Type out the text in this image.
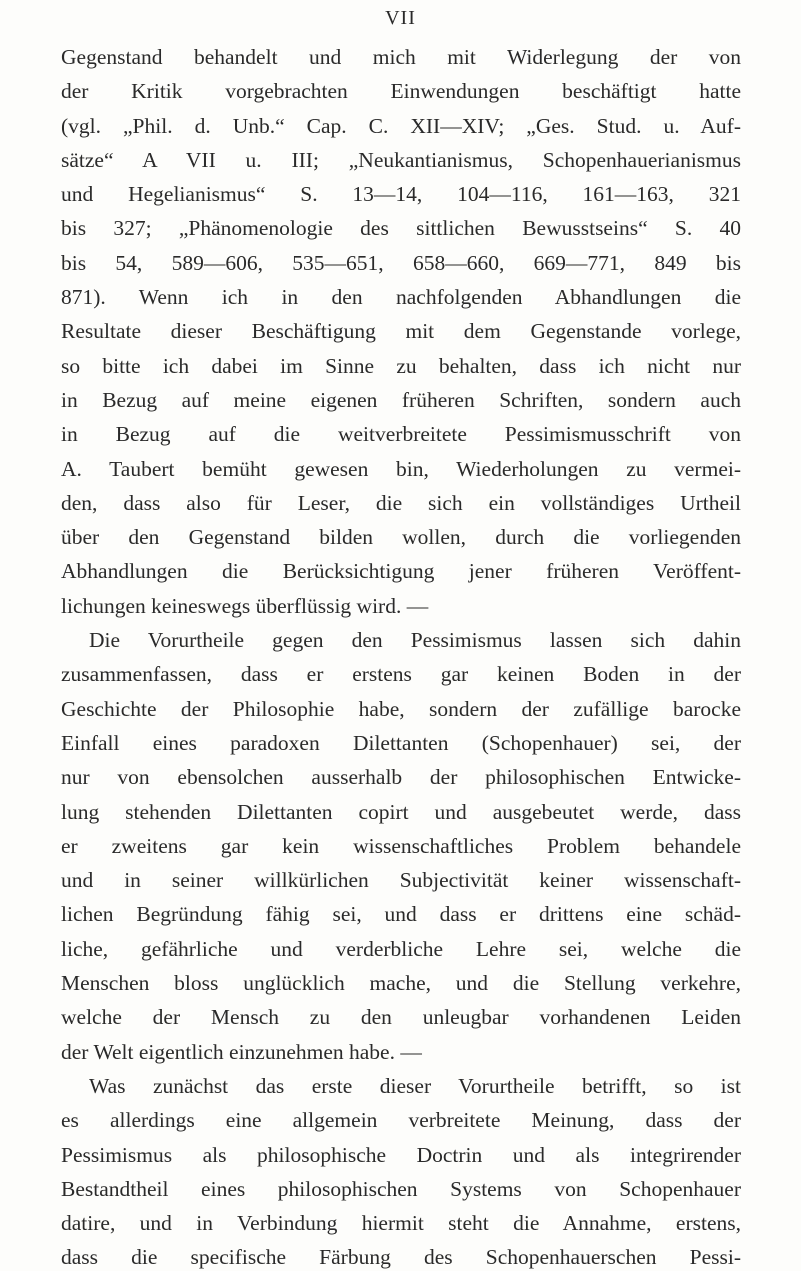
VII
Gegenstand behandelt und mich mit Widerlegung der von
der Kritik vorgebrachten Einwendungen beschäftigt hatte
(vgl. „Phil. d. Unb.“ Cap. C. XII—XIV; „Ges. Stud. u. Auf-
sätze“ A VII u. III; „Neukantianismus, Schopenhauerianismus
und Hegelianismus“ S. 13—14, 104—116, 161—163, 321
bis 327; „Phänomenologie des sittlichen Bewusstseins“ S. 40
bis 54, 589—606, 535—651, 658—660, 669—771, 849 bis
871). Wenn ich in den nachfolgenden Abhandlungen die
Resultate dieser Beschäftigung mit dem Gegenstande vorlege,
so bitte ich dabei im Sinne zu behalten, dass ich nicht nur
in Bezug auf meine eigenen früheren Schriften, sondern auch
in Bezug auf die weitverbreitete Pessimismusschrift von
A. Taubert bemüht gewesen bin, Wiederholungen zu vermei-
den, dass also für Leser, die sich ein vollständiges Urtheil
über den Gegenstand bilden wollen, durch die vorliegenden
Abhandlungen die Berücksichtigung jener früheren Veröffent-
lichungen keineswegs überflüssig wird. —
Die Vorurtheile gegen den Pessimismus lassen sich dahin
zusammenfassen, dass er erstens gar keinen Boden in der
Geschichte der Philosophie habe, sondern der zufällige barocke
Einfall eines paradoxen Dilettanten (Schopenhauer) sei, der
nur von ebensolchen ausserhalb der philosophischen Entwicke-
lung stehenden Dilettanten copirt und ausgebeutet werde, dass
er zweitens gar kein wissenschaftliches Problem behandele
und in seiner willkürlichen Subjectivität keiner wissenschaft-
lichen Begründung fähig sei, und dass er drittens eine schäd-
liche, gefährliche und verderbliche Lehre sei, welche die
Menschen bloss unglücklich mache, und die Stellung verkehre,
welche der Mensch zu den unleugbar vorhandenen Leiden
der Welt eigentlich einzunehmen habe. —
Was zunächst das erste dieser Vorurtheile betrifft, so ist
es allerdings eine allgemein verbreitete Meinung, dass der
Pessimismus als philosophische Doctrin und als integrirender
Bestandtheil eines philosophischen Systems von Schopenhauer
datire, und in Verbindung hiermit steht die Annahme, erstens,
dass die specifische Färbung des Schopenhauerschen Pessi-
